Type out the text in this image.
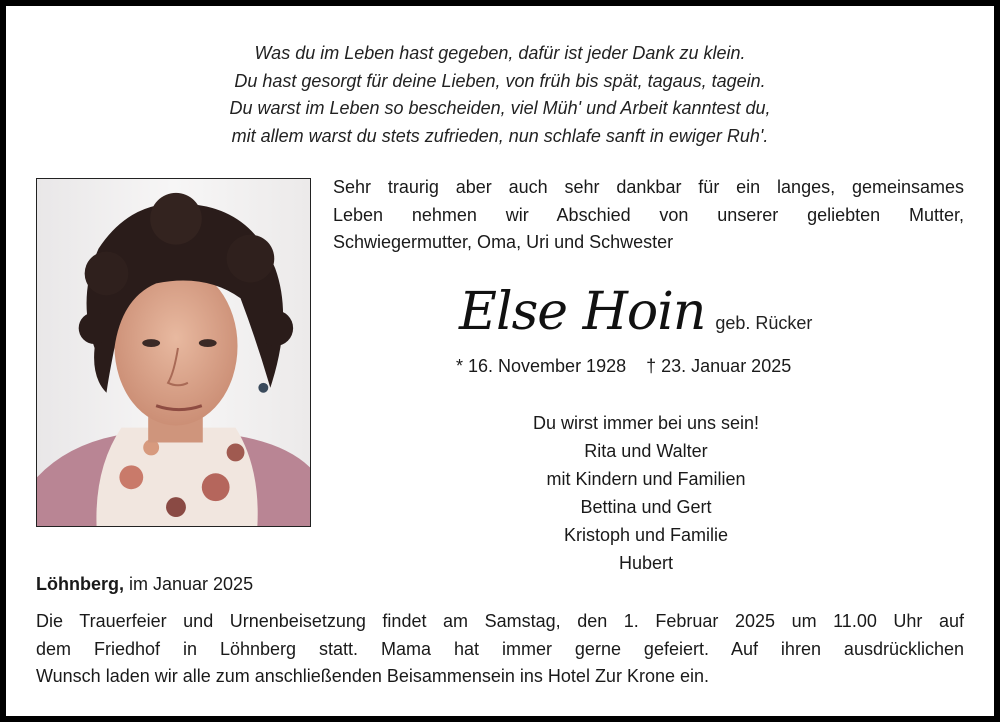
Was du im Leben hast gegeben, dafür ist jeder Dank zu klein.
Du hast gesorgt für deine Lieben, von früh bis spät, tagaus, tagein.
Du warst im Leben so bescheiden, viel Müh' und Arbeit kanntest du,
mit allem warst du stets zufrieden, nun schlafe sanft in ewiger Ruh'.
Sehr traurig aber auch sehr dankbar für ein langes, gemeinsames
Leben nehmen wir Abschied von unserer geliebten Mutter,
Schwiegermutter, Oma, Uri und Schwester
Else Hoin geb. Rücker
* 16. November 1928 † 23. Januar 2025
Du wirst immer bei uns sein!
Rita und Walter
mit Kindern und Familien
Bettina und Gert
Kristoph und Familie
Hubert
Löhnberg, im Januar 2025
Die Trauerfeier und Urnenbeisetzung findet am Samstag, den 1. Februar 2025 um 11.00 Uhr auf
dem Friedhof in Löhnberg statt. Mama hat immer gerne gefeiert. Auf ihren ausdrücklichen
Wunsch laden wir alle zum anschließenden Beisammensein ins Hotel Zur Krone ein.
